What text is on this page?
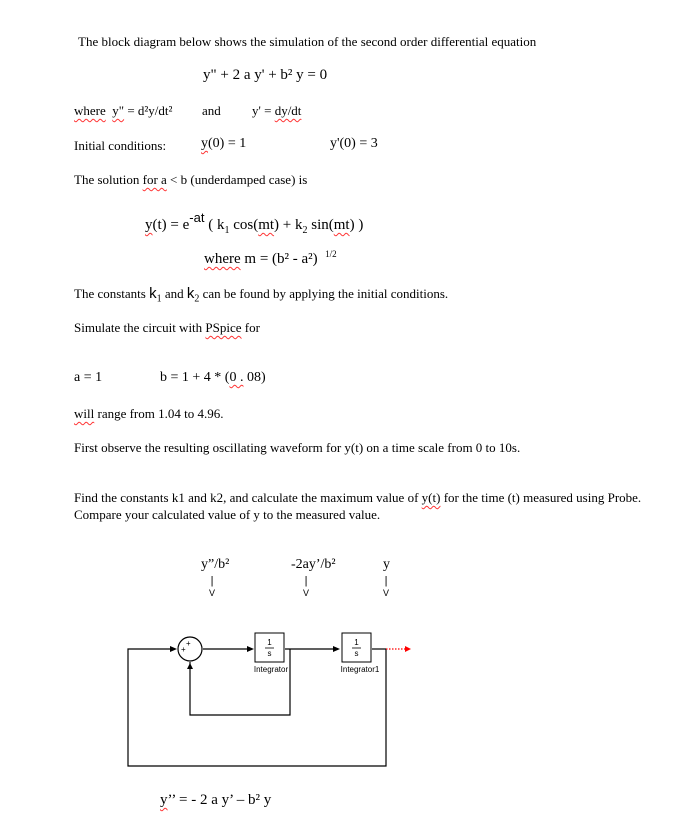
The block diagram below shows the simulation of the second order differential equation
y" + 2 a y' + b² y = 0
where y" = d²y/dt² and y' = dy/dt
Initial conditions: y(0) = 1	y'(0) = 3
The solution for a < b (underdamped case) is
$y(t) = e^{-at}$ ( $k_1$ $\cos(mt) + k_2$ sin(mt) )
where m = (b² - a²) $^{1/2}$
The constants $k_1$ and $k_2$ can be found by applying the initial conditions.
Simulate the circuit with PSpice for
a = 1	b = 1 + 4 * (0 . 08)
will range from 1.04 to 4.96.
First observe the resulting oscillating waveform for y(t) on a time scale from 0 to 10s.
Find the constants k1 and k2, and calculate the maximum value of y(t) for the time (t) measured using Probe. Compare your calculated value of y to the measured value.
y”/b²	-2ay’/b²	y
|
V
|
V
|
V
+
+
1
s
Integrator
1
s
Integrator1
y’’ = - 2 a y’ – b² y
